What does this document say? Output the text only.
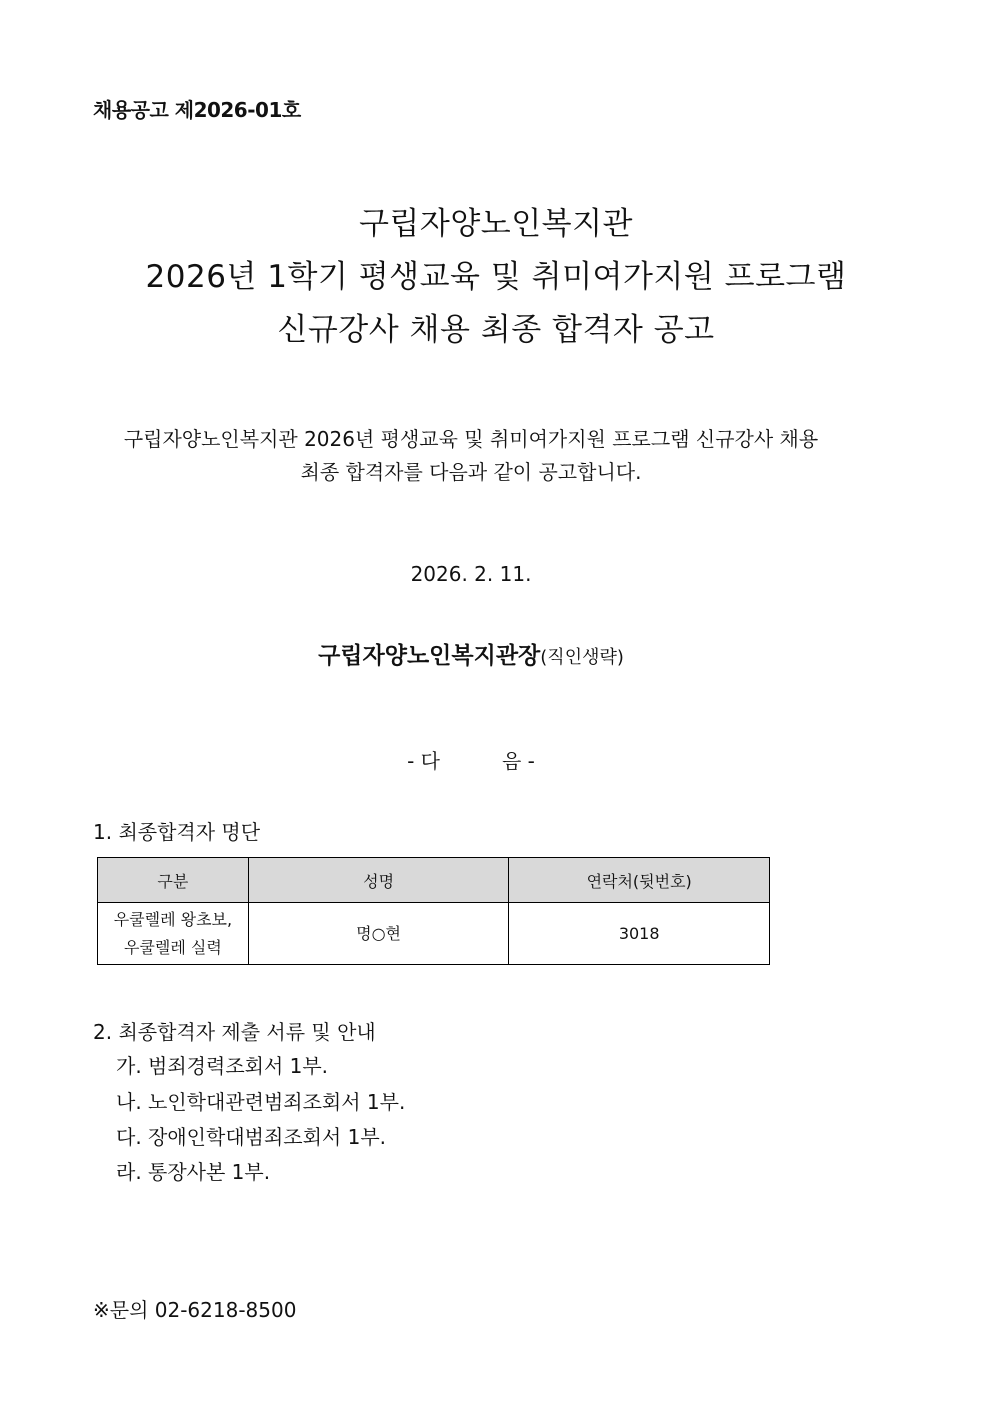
채용공고 제2026-01호
구립자양노인복지관
2026년 1학기 평생교육 및 취미여가지원 프로그램
신규강사 채용 최종 합격자 공고
구립자양노인복지관 2026년 평생교육 및 취미여가지원 프로그램 신규강사 채용
최종 합격자를 다음과 같이 공고합니다.
2026. 2. 11.
구립자양노인복지관장(직인생략)
- 다	음 -
1. 최종합격자 명단
구분	성명	연락처(뒷번호)

우쿨렐레 왕초보,
우쿨렐레 실력	명○현	3018
2. 최종합격자 제출 서류 및 안내
가. 범죄경력조회서 1부.
나. 노인학대관련범죄조회서 1부.
다. 장애인학대범죄조회서 1부.
라. 통장사본 1부.
※문의 02-6218-8500
